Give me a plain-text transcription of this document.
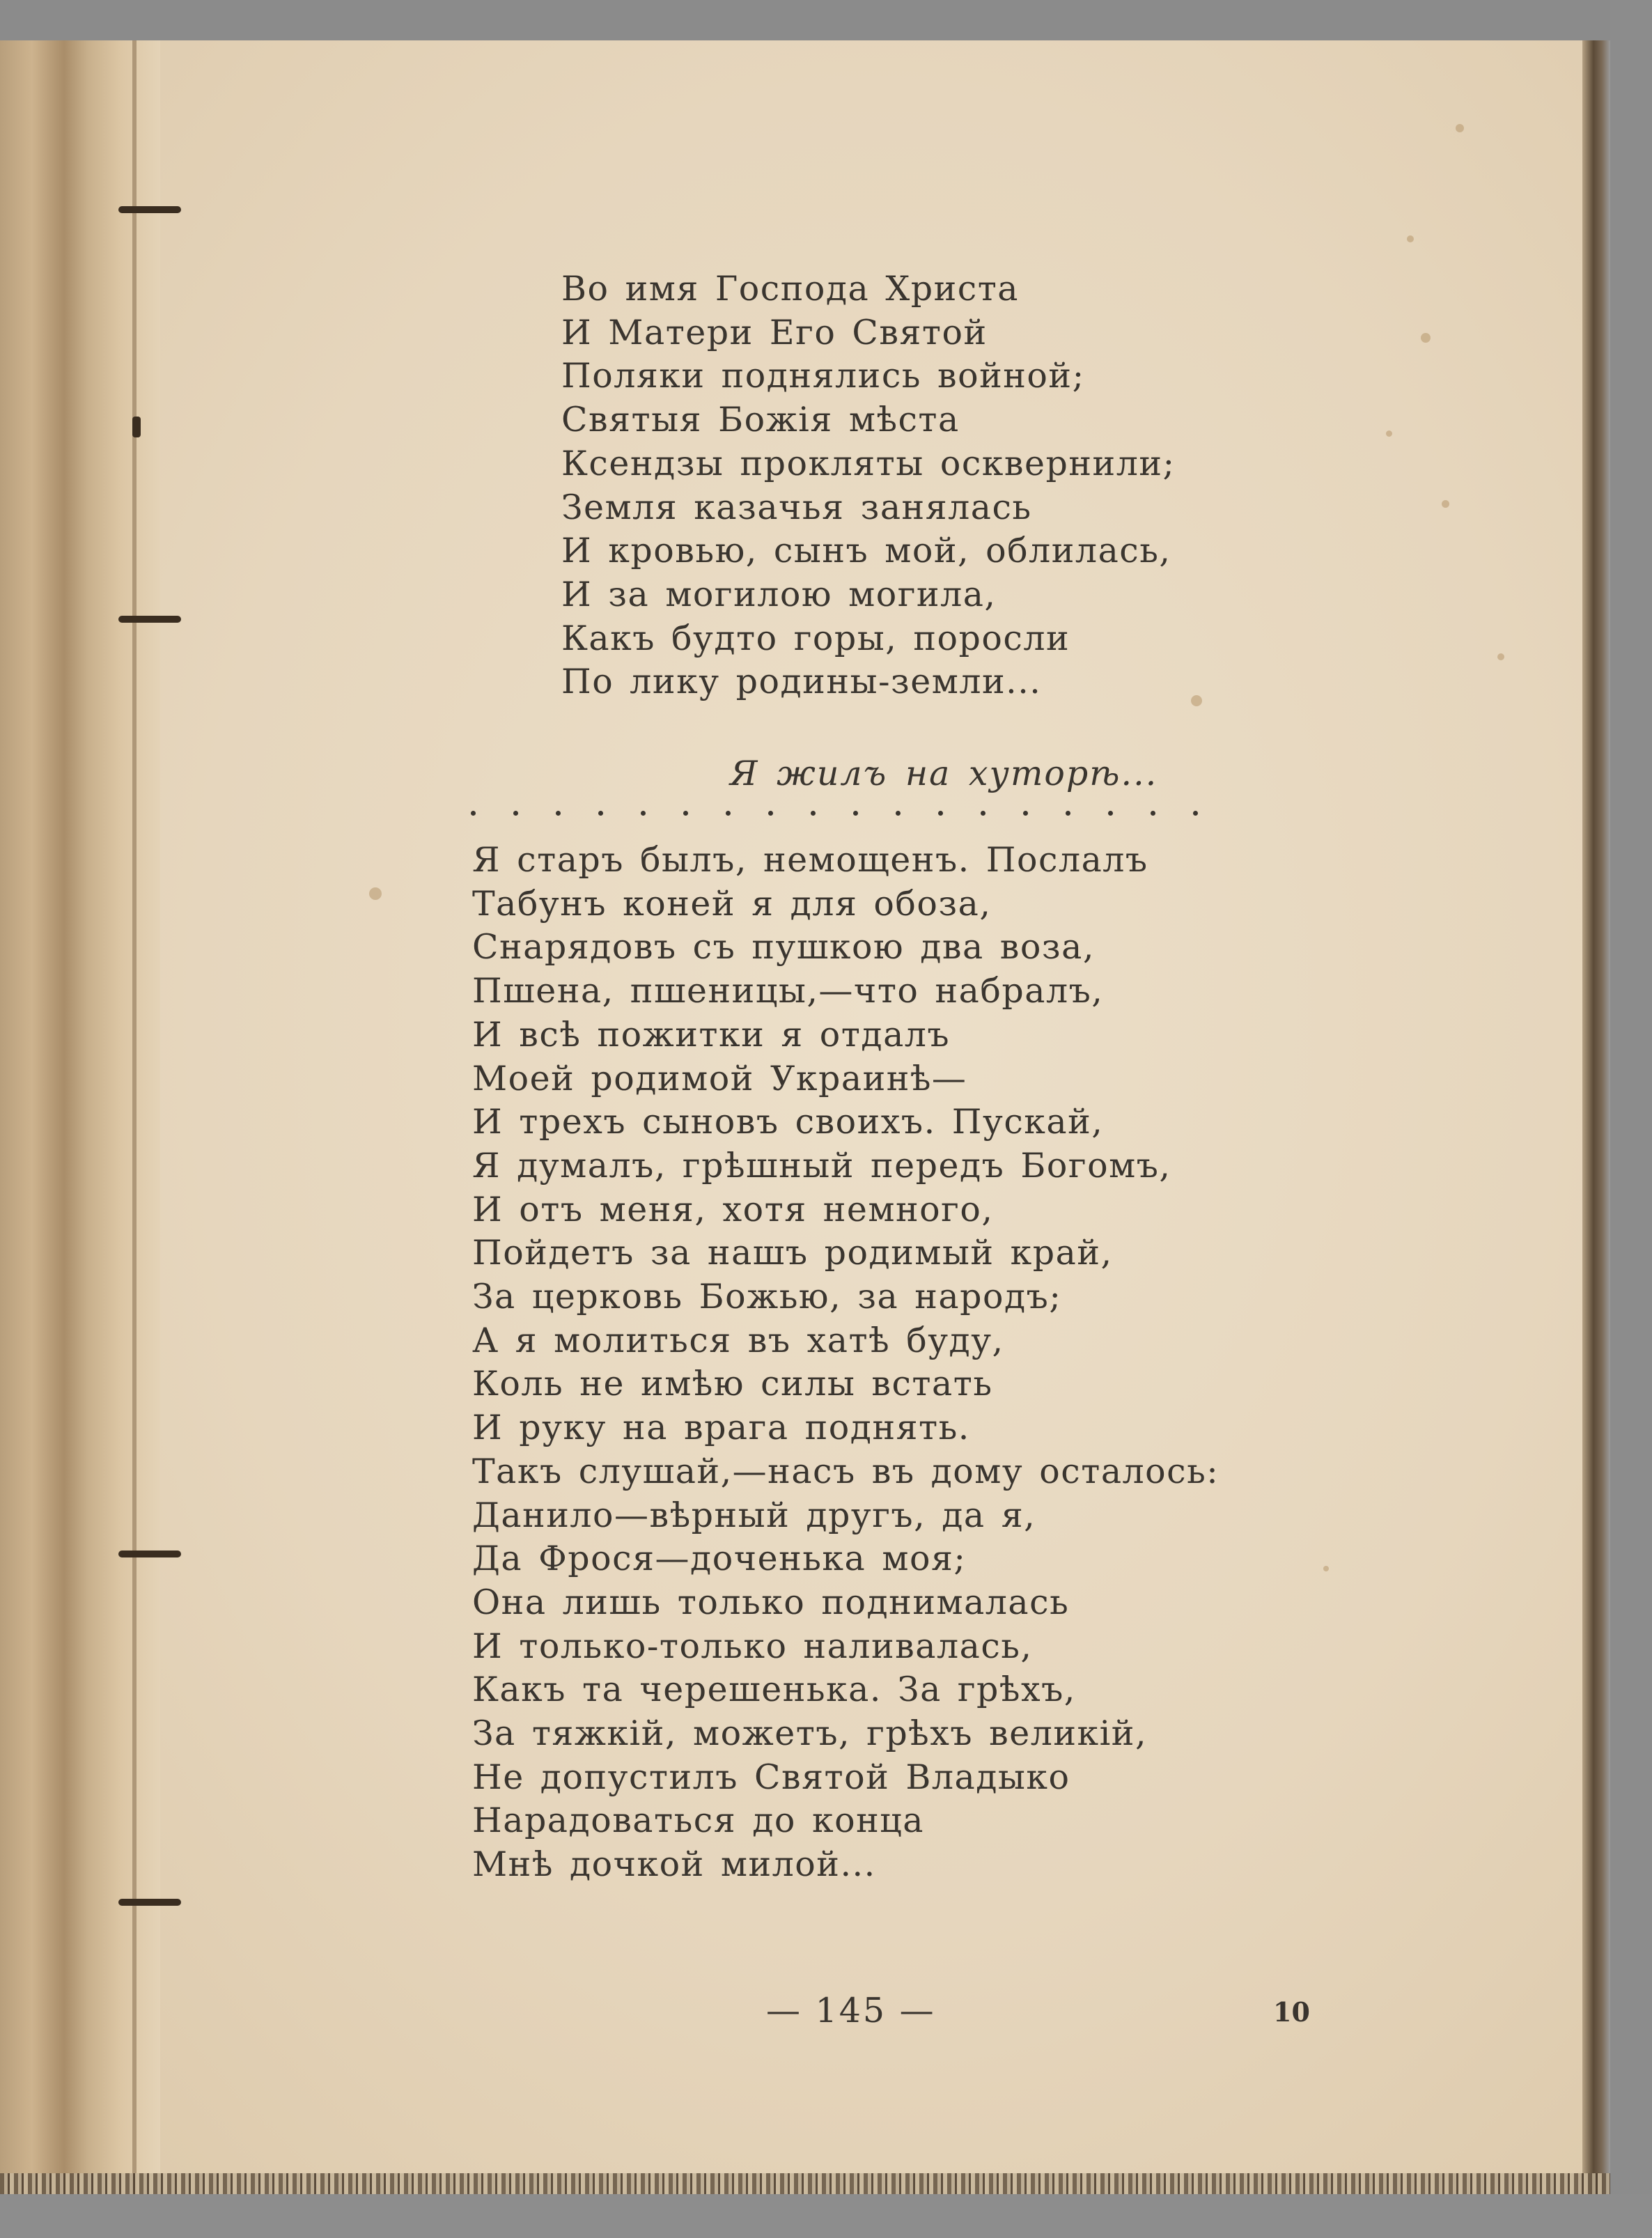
Во имя Господа Христа
И Матери Его Святой
Поляки поднялись войной;
Святыя Божія мѣста
Ксендзы прокляты осквернили;
Земля казачья занялась
И кровью, сынъ мой, облилась,
И за могилою могила,
Какъ будто горы, поросли
По лику родины-земли...
Я жилъ на хуторѣ...
Я старъ былъ, немощенъ. Послалъ
Табунъ коней я для обоза,
Снарядовъ съ пушкою два воза,
Пшена, пшеницы,—что набралъ,
И всѣ пожитки я отдалъ
Моей родимой Украинѣ—
И трехъ сыновъ своихъ. Пускай,
Я думалъ, грѣшный передъ Богомъ,
И отъ меня, хотя немного,
Пойдетъ за нашъ родимый край,
За церковь Божью, за народъ;
А я молиться въ хатѣ буду,
Коль не имѣю силы встать
И руку на врага поднять.
Такъ слушай,—насъ въ дому осталось:
Данило—вѣрный другъ, да я,
Да Фрося—доченька моя;
Она лишь только поднималась
И только-только наливалась,
Какъ та черешенька. За грѣхъ,
За тяжкій, можетъ, грѣхъ великій,
Не допустилъ Святой Владыко
Нарадоваться до конца
Мнѣ дочкой милой...
— 145 —	10
